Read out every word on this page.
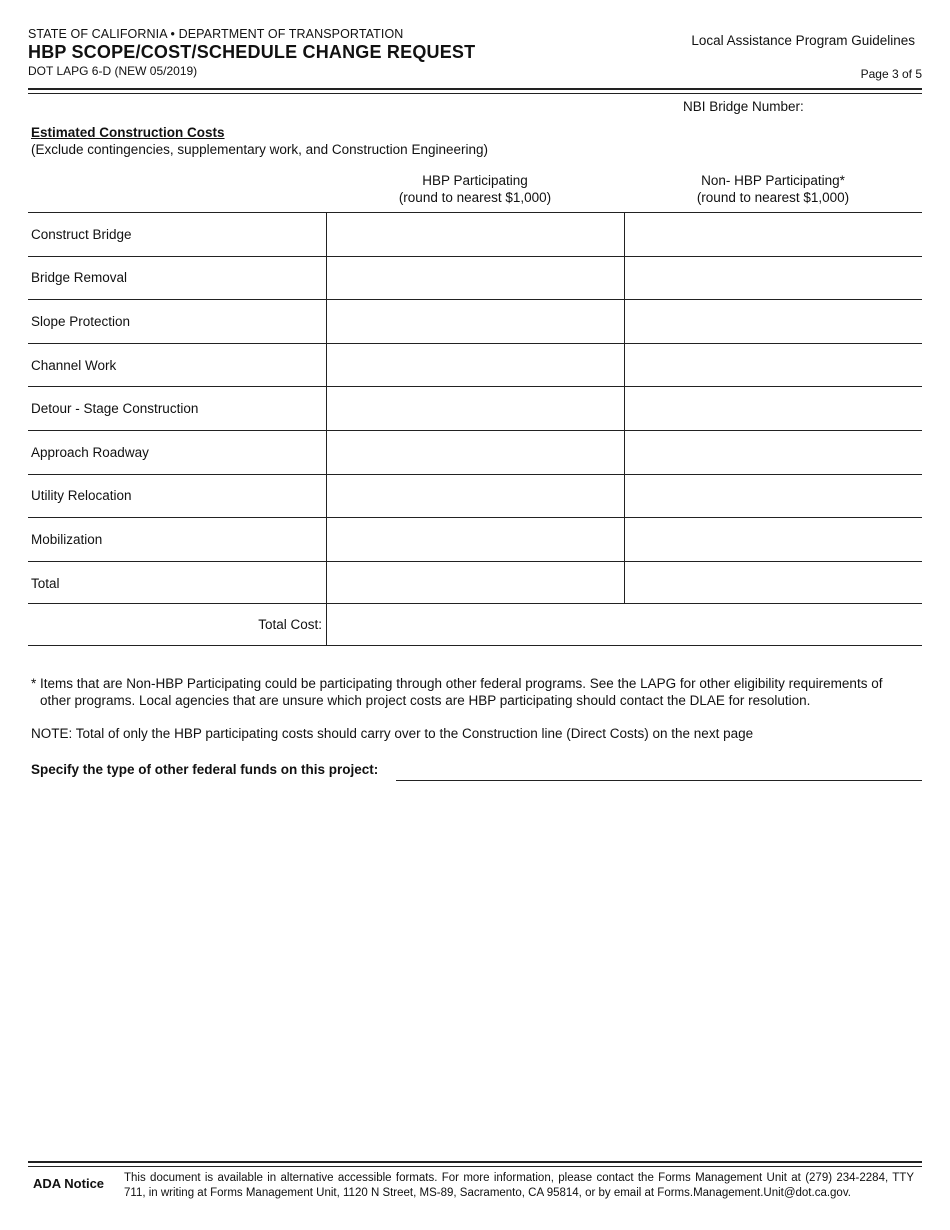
STATE OF CALIFORNIA • DEPARTMENT OF TRANSPORTATION
HBP SCOPE/COST/SCHEDULE CHANGE REQUEST
DOT LAPG 6-D (NEW 05/2019)
Local Assistance Program Guidelines
Page 3 of 5
NBI Bridge Number:
Estimated Construction Costs
(Exclude contingencies, supplementary work, and Construction Engineering)
HBP Participating
(round to nearest $1,000)
Non- HBP Participating*
(round to nearest $1,000)
Construct Bridge
Bridge Removal
Slope Protection
Channel Work
Detour - Stage Construction
Approach Roadway
Utility Relocation
Mobilization
Total
Total Cost:
* Items that are Non-HBP Participating could be participating through other federal programs. See the LAPG for other eligibility requirements of
other programs. Local agencies that are unsure which project costs are HBP participating should contact the DLAE for resolution.
NOTE: Total of only the HBP participating costs should carry over to the Construction line (Direct Costs) on the next page
Specify the type of other federal funds on this project:
ADA Notice This document is available in alternative accessible formats. For more information, please contact the Forms Management Unit at (279) 234-2284, TTY 711, in writing at Forms Management Unit, 1120 N Street, MS-89, Sacramento, CA 95814, or by email at Forms.Management.Unit@dot.ca.gov.
